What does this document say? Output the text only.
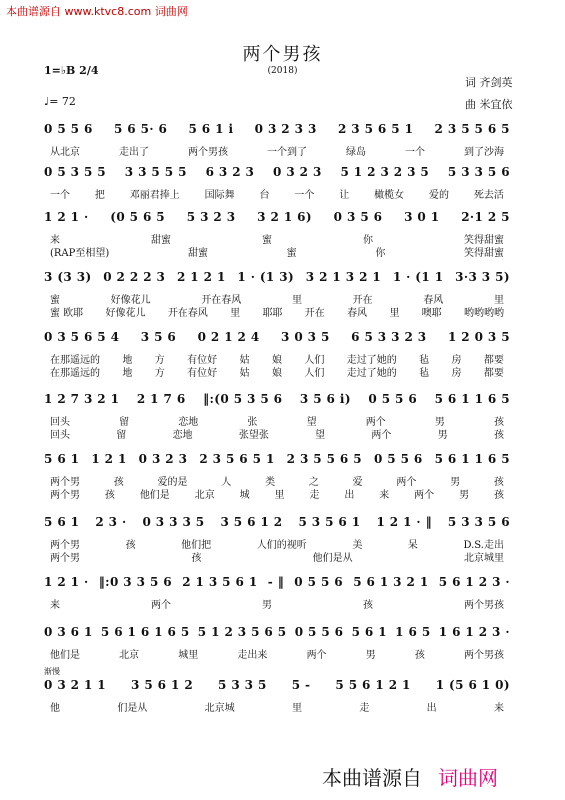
本曲谱源自 www.ktvc8.com 词曲网
两个男孩
(2018)
1=♭B 2/4
♩= 72
词 齐剑英
曲 米宜依
0 5 5 6 5 6 5· 6 5 6 1 i 0 3 2 3 3 2 3 5 6 5 1 2 3 5 5 6 5
从北京	走出了	两个男孩	一个到了	绿岛	一个	到了沙海
0 5 3 5 5 3 3 5 5 5 6 3 2 3 0 3 2 3 5 1 2 3 2 3 5 5 3 3 5 6
一个 把 邓丽君捧上 国际舞 台 一个 让 橄榄女 爱的 死去活
1 2 1 · (0 5 6 5 5 3 2 3 3 2 1 6) 0 3 5 6 3 0 1 2·1 2 5
来	甜蜜	蜜	你	笑得甜蜜
(RAP至相望)	甜蜜	蜜	你	笑得甜蜜
3 (3 3) 0 2 2 2 3 2 1 2 1 1 · (1 3) 3 2 1 3 2 1 1 · (1 1 3·3 3 5)
蜜	好像花儿	开在春风	里	开在	春风	里
蜜 欧耶 好像花儿 开在春风 里 耶耶 开在 春风 里 噢耶 哟哟哟哟
0 3 5 6 5 4 3 5 6 0 2 1 2 4 3 0 3 5 6 5 3 3 2 3 1 2 0 3 5
在那遥远的 地 方 有位好 姑 娘 人们 走过了她的 毡 房 都要
在那遥远的 地 方 有位好 姑 娘 人们 走过了她的 毡 房 都要
1 2 7 3 2 1 2 1 7 6 ‖:(0 5 3 5 6 3 5 6 i) 0 5 5 6 5 6 1 1 6 5
回头	留	恋地	张	望	两个	男	孩
回头	留	恋地	张望张	望	两个	男	孩
5 6 1 1 2 1 0 3 2 3 2 3 5 6 5 1 2 3 5 5 6 5 0 5 5 6 5 6 1 1 6 5
两个男	孩	爱的是	人	类	之	爱	两个	男	孩
两个男 孩 他们是 北京 城 里 走 出 来 两个 男 孩
5 6 1 2 3 · 0 3 3 3 5 3 5 6 1 2 5 3 5 6 1 1 2 1 · ‖ 5 3 3 5 6
两个男	孩	他们把	人们的视听	美	呆	D.S.走出
两个男	孩	他们是从	北京城里
1 2 1 · ‖:0 3 3 5 6 2 1 3 5 6 1 - ‖ 0 5 5 6 5 6 1 3 2 1 5 6 1 2 3 ·
来	两个	男	孩	两个男孩
0 3 6 1 5 6 1 6 1 6 5 5 1 2 3 5 6 5 0 5 5 6 5 6 1 1 6 5 1 6 1 2 3 ·
他们是	北京	城里	走出来	两个	男	孩	两个男孩
0 3 2 1 1 3 5 6 1 2 5 3 3 5 5 - 5 5 6 1 2 1 1 (5 6 1 0)
他	们是从	北京城	里	走	出	来
渐慢
本曲谱源自 词曲网
